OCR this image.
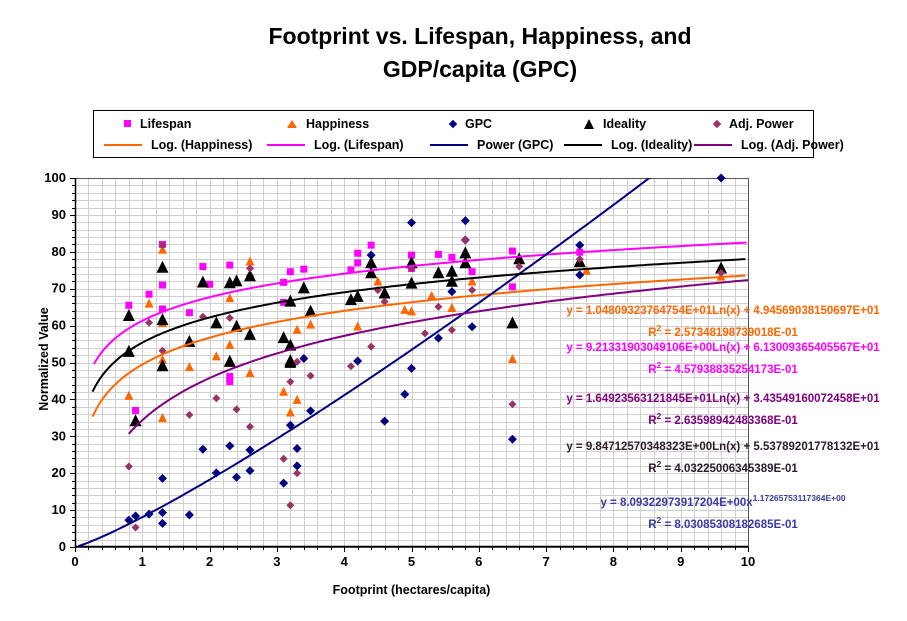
0	1	2	3	4	5	6	7	8	9	10
0
10
20
30
40
50
60
70
80
90
100
Footprint vs. Lifespan, Happiness, and
GDP/capita (GPC)
Lifespan	Happiness	GPC	Ideality	Adj. Power
Log. (Happiness)	Log. (Lifespan)	Power (GPC)	Log. (Ideality)	Log. (Adj. Power)
Normalized Value
Footprint (hectares/capita)
y = 1.04809323764754E+01Ln(x) + 4.94569038150697E+01
$R^2 = 2.57348198739018E-01$
y = 9.21331903049106E+00Ln(x) + 6.13009365405567E+01
$R^2 = 4.57938835254173E-01$
y = 1.64923563121845E+01Ln(x) + 3.43549160072458E+01
$R^2 = 2.63598942483368E-01$
y = 9.84712570348323E+00Ln(x) + 5.53789201778132E+01
$R^2 = 4.03225006345389E-01$
$y = 8.09322973917204E+00x^{1.17265753117364E+00}$
$R^2 = 8.03085308182685E-01$
